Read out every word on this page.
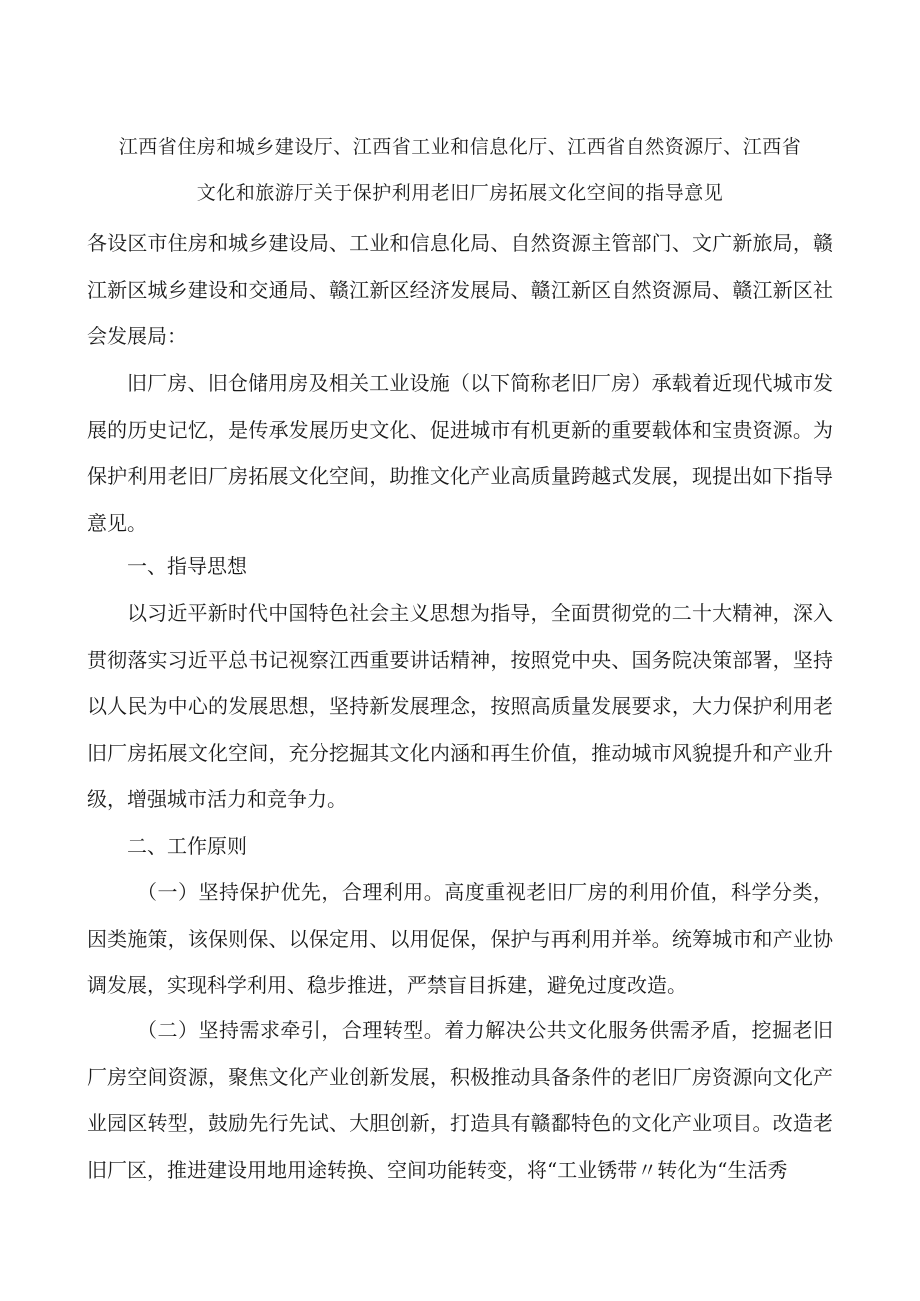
江西省住房和城乡建设厅、江西省工业和信息化厅、江西省自然资源厅、江西省
文化和旅游厅关于保护利用老旧厂房拓展文化空间的指导意见

各设区市住房和城乡建设局、工业和信息化局、自然资源主管部门、文广新旅局，赣江新区城乡建设和交通局、赣江新区经济发展局、赣江新区自然资源局、赣江新区社会发展局：

旧厂房、旧仓储用房及相关工业设施（以下简称老旧厂房）承载着近现代城市发展的历史记忆，是传承发展历史文化、促进城市有机更新的重要载体和宝贵资源。为保护利用老旧厂房拓展文化空间，助推文化产业高质量跨越式发展，现提出如下指导意见。

一、指导思想

以习近平新时代中国特色社会主义思想为指导，全面贯彻党的二十大精神，深入贯彻落实习近平总书记视察江西重要讲话精神，按照党中央、国务院决策部署，坚持以人民为中心的发展思想，坚持新发展理念，按照高质量发展要求，大力保护利用老旧厂房拓展文化空间，充分挖掘其文化内涵和再生价值，推动城市风貌提升和产业升级，增强城市活力和竞争力。

二、工作原则

（一）坚持保护优先，合理利用。高度重视老旧厂房的利用价值，科学分类，因类施策，该保则保、以保定用、以用促保，保护与再利用并举。统筹城市和产业协调发展，实现科学利用、稳步推进，严禁盲目拆建，避免过度改造。

（二）坚持需求牵引，合理转型。着力解决公共文化服务供需矛盾，挖掘老旧厂房空间资源，聚焦文化产业创新发展，积极推动具备条件的老旧厂房资源向文化产业园区转型，鼓励先行先试、大胆创新，打造具有赣鄱特色的文化产业项目。改造老旧厂区，推进建设用地用途转换、空间功能转变，将“工业锈带〃转化为“生活秀
